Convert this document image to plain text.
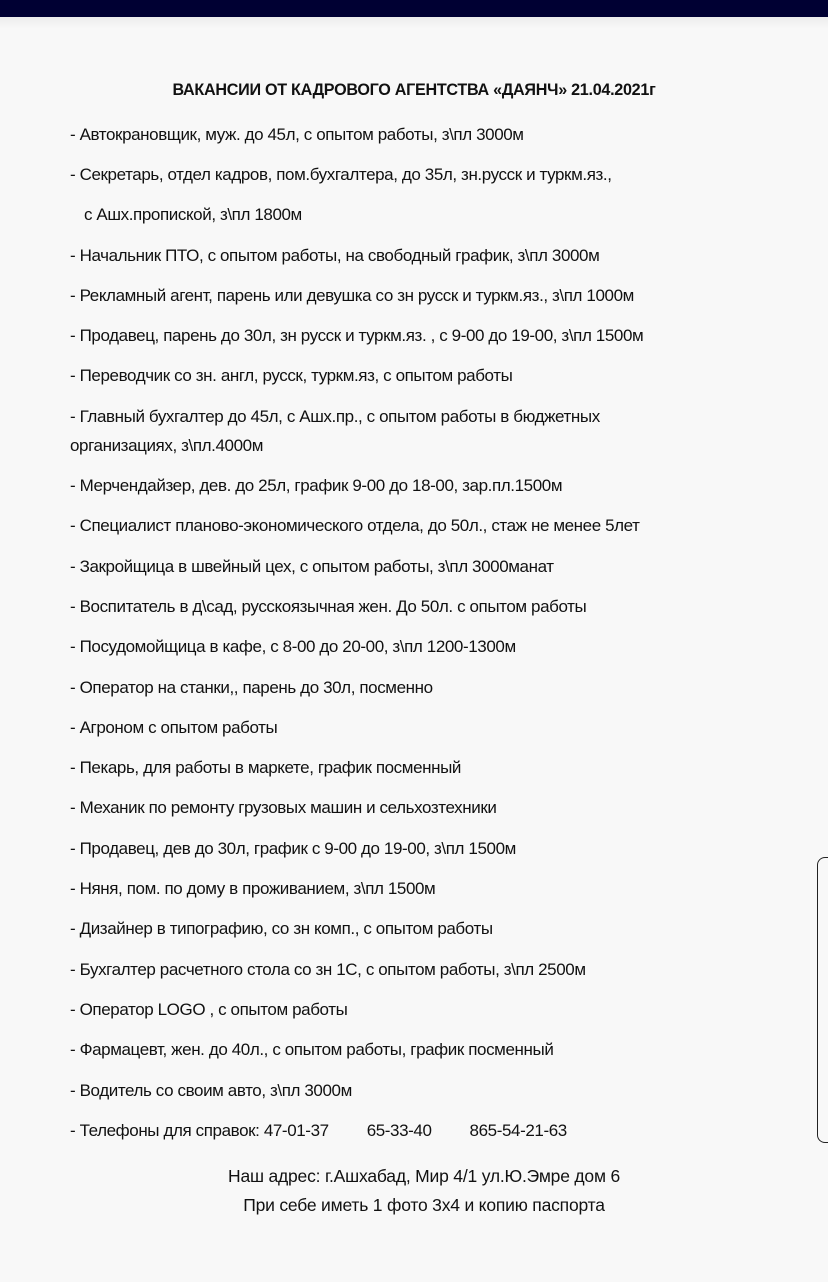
ВАКАНСИИ ОТ КАДРОВОГО АГЕНТСТВА «ДАЯНЧ» 21.04.2021г
- Автокрановщик, муж. до 45л, с опытом работы, з\пл 3000м
- Секретарь, отдел кадров, пом.бухгалтера, до 35л, зн.русск и туркм.яз.,
с Ашх.пропиской, з\пл 1800м
- Начальник ПТО, с опытом работы, на свободный график, з\пл 3000м
- Рекламный агент, парень или девушка со зн русск и туркм.яз., з\пл 1000м
- Продавец, парень до 30л, зн русск и туркм.яз. , с 9-00 до 19-00, з\пл 1500м
- Переводчик со зн. англ, русск, туркм.яз, с опытом работы
- Главный бухгалтер до 45л, с Ашх.пр., с опытом работы в бюджетных
организациях, з\пл.4000м
- Мерчендайзер, дев. до 25л, график 9-00 до 18-00, зар.пл.1500м
- Специалист планово-экономического отдела, до 50л., стаж не менее 5лет
- Закройщица в швейный цех, с опытом работы, з\пл 3000манат
- Воспитатель в д\сад, русскоязычная жен. До 50л. с опытом работы
- Посудомойщица в кафе, с 8-00 до 20-00, з\пл 1200-1300м
- Оператор на станки,, парень до 30л, посменно
- Агроном с опытом работы
- Пекарь, для работы в маркете, график посменный
- Механик по ремонту грузовых машин и сельхозтехники
- Продавец, дев до 30л, график с 9-00 до 19-00, з\пл 1500м
- Няня, пом. по дому в проживанием, з\пл 1500м
- Дизайнер в типографию, со зн комп., с опытом работы
- Бухгалтер расчетного стола со зн 1С, с опытом работы, з\пл 2500м
- Оператор LOGO , с опытом работы
- Фармацевт, жен. до 40л., с опытом работы, график посменный
- Водитель со своим авто, з\пл 3000м
- Телефоны для справок: 47-01-37 65-33-40 865-54-21-63
Наш адрес: г.Ашхабад, Мир 4/1 ул.Ю.Эмре дом 6
При себе иметь 1 фото 3х4 и копию паспорта
